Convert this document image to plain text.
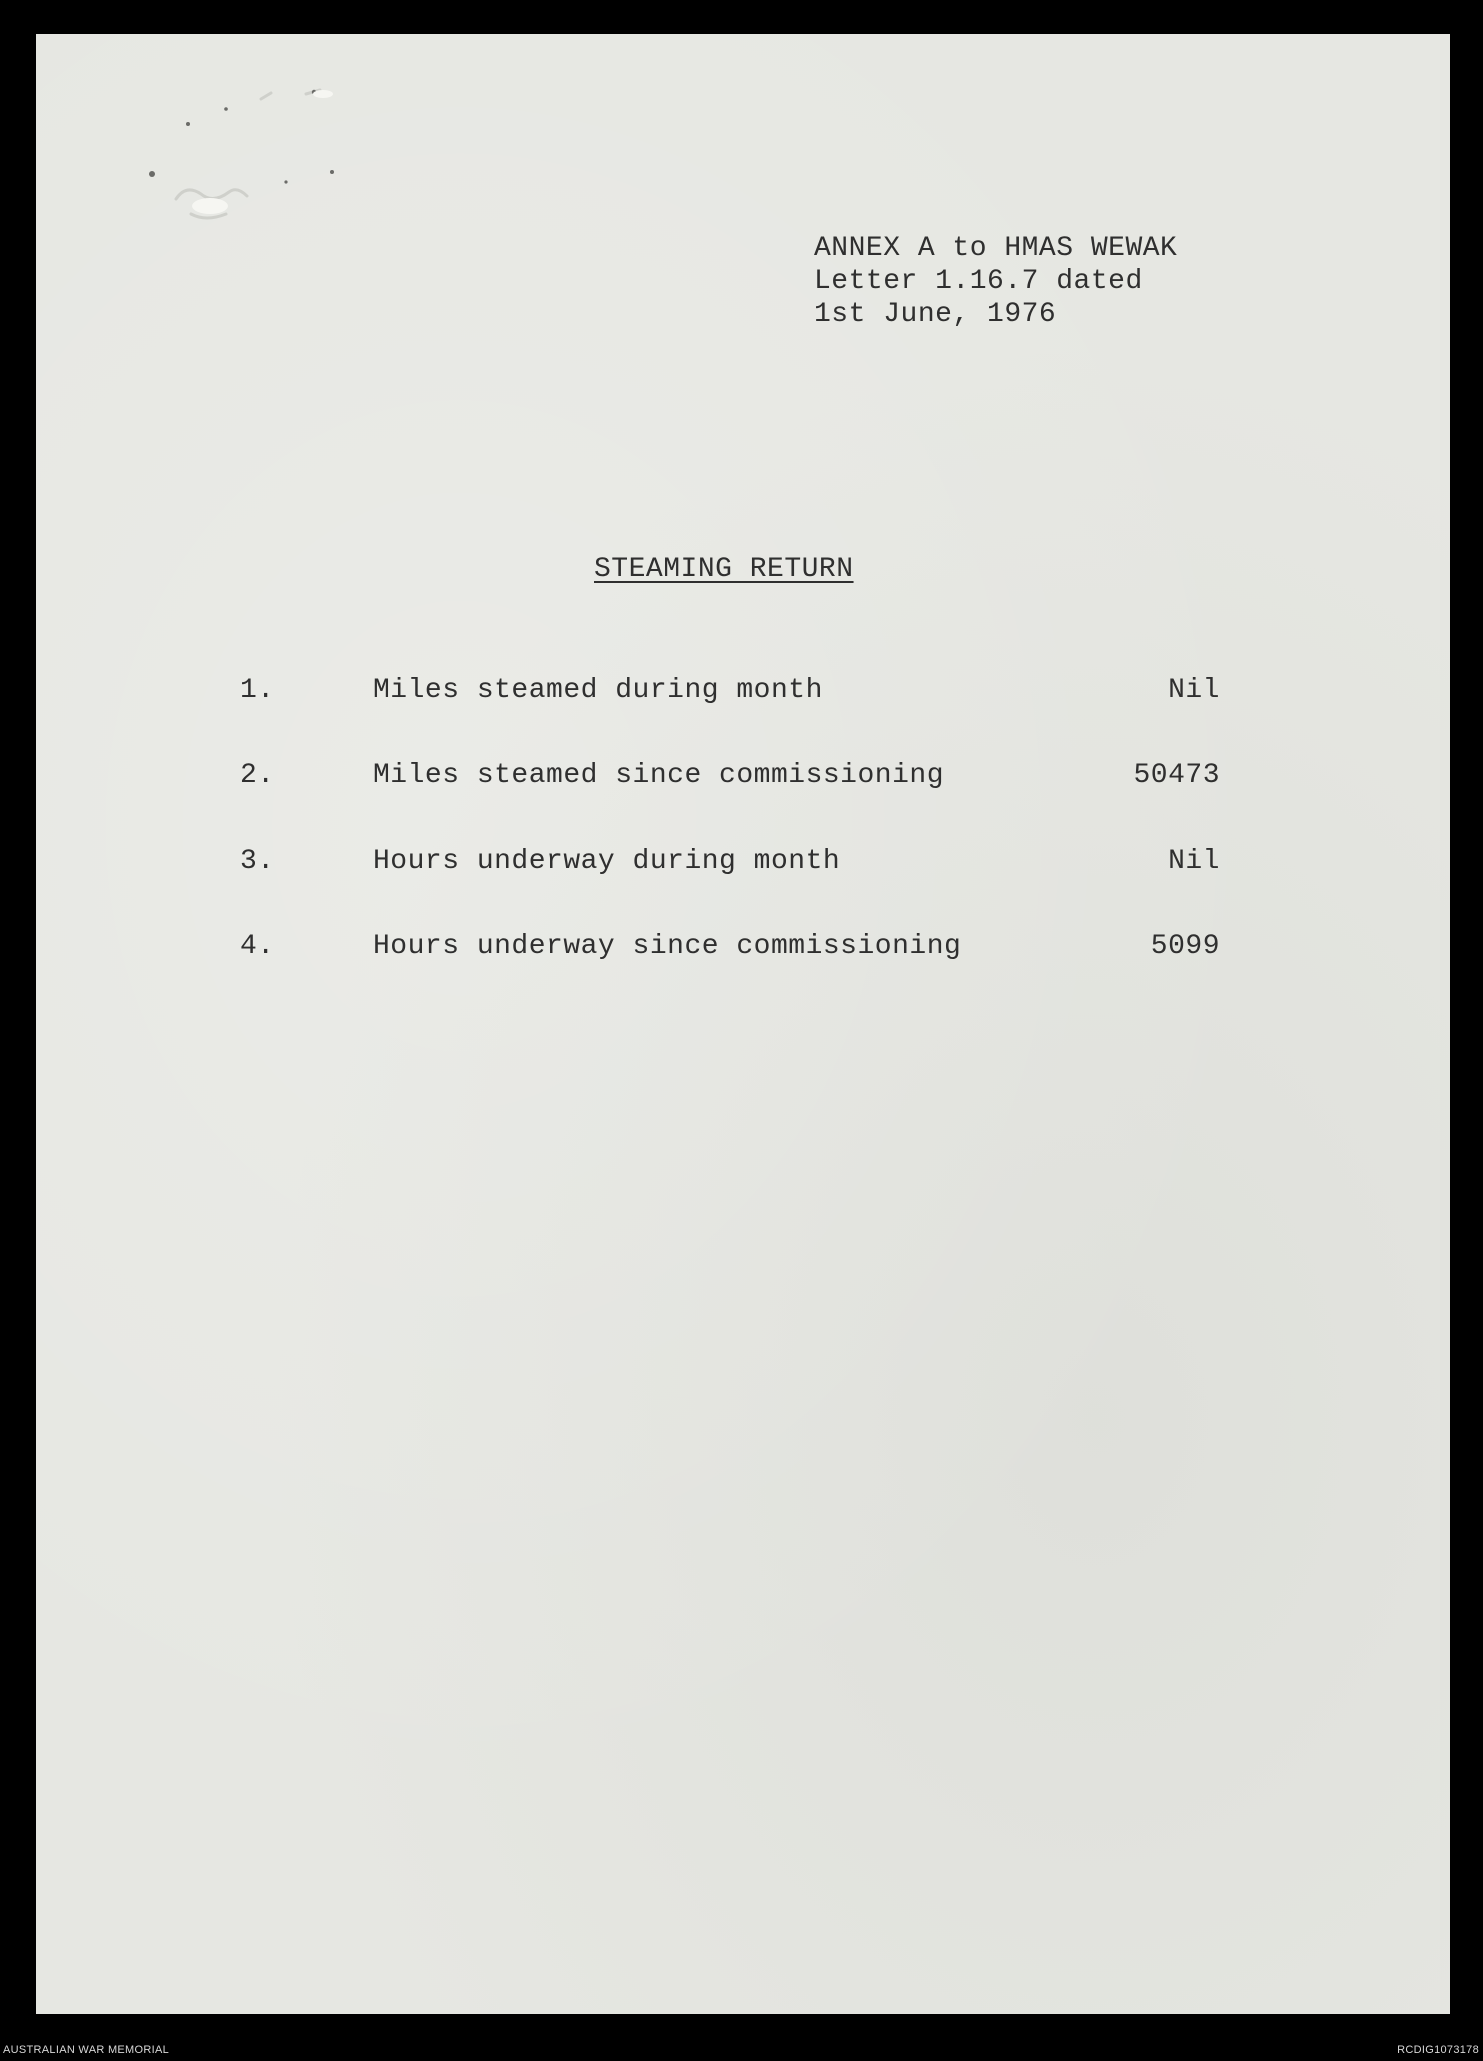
ANNEX A to HMAS WEWAK
Letter 1.16.7 dated
1st June, 1976
STEAMING RETURN
1.	Miles steamed during month	Nil
2.	Miles steamed since commissioning	50473
3.	Hours underway during month	Nil
4.	Hours underway since commissioning	5099
AUSTRALIAN WAR MEMORIAL	RCDIG1073178
